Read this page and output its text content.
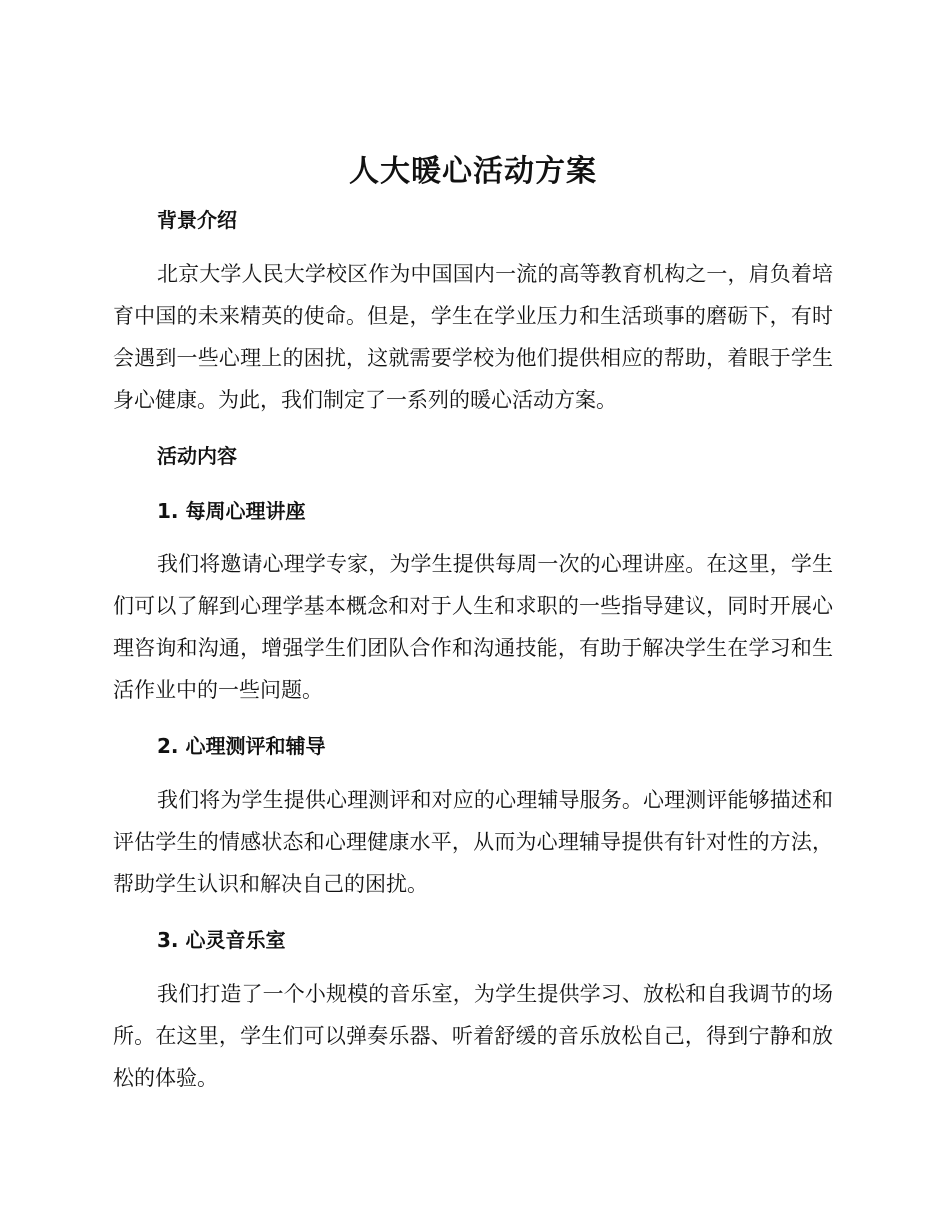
人大暖心活动方案
背景介绍

北京大学人民大学校区作为中国国内一流的高等教育机构之一，肩负着培育中国的未来精英的使命。但是，学生在学业压力和生活琐事的磨砺下，有时会遇到一些心理上的困扰，这就需要学校为他们提供相应的帮助，着眼于学生身心健康。为此，我们制定了一系列的暖心活动方案。

活动内容
1. 每周心理讲座

我们将邀请心理学专家，为学生提供每周一次的心理讲座。在这里，学生们可以了解到心理学基本概念和对于人生和求职的一些指导建议，同时开展心理咨询和沟通，增强学生们团队合作和沟通技能，有助于解决学生在学习和生活作业中的一些问题。

2. 心理测评和辅导

我们将为学生提供心理测评和对应的心理辅导服务。心理测评能够描述和评估学生的情感状态和心理健康水平，从而为心理辅导提供有针对性的方法，帮助学生认识和解决自己的困扰。

3. 心灵音乐室

我们打造了一个小规模的音乐室，为学生提供学习、放松和自我调节的场所。在这里，学生们可以弹奏乐器、听着舒缓的音乐放松自己，得到宁静和放松的体验。
